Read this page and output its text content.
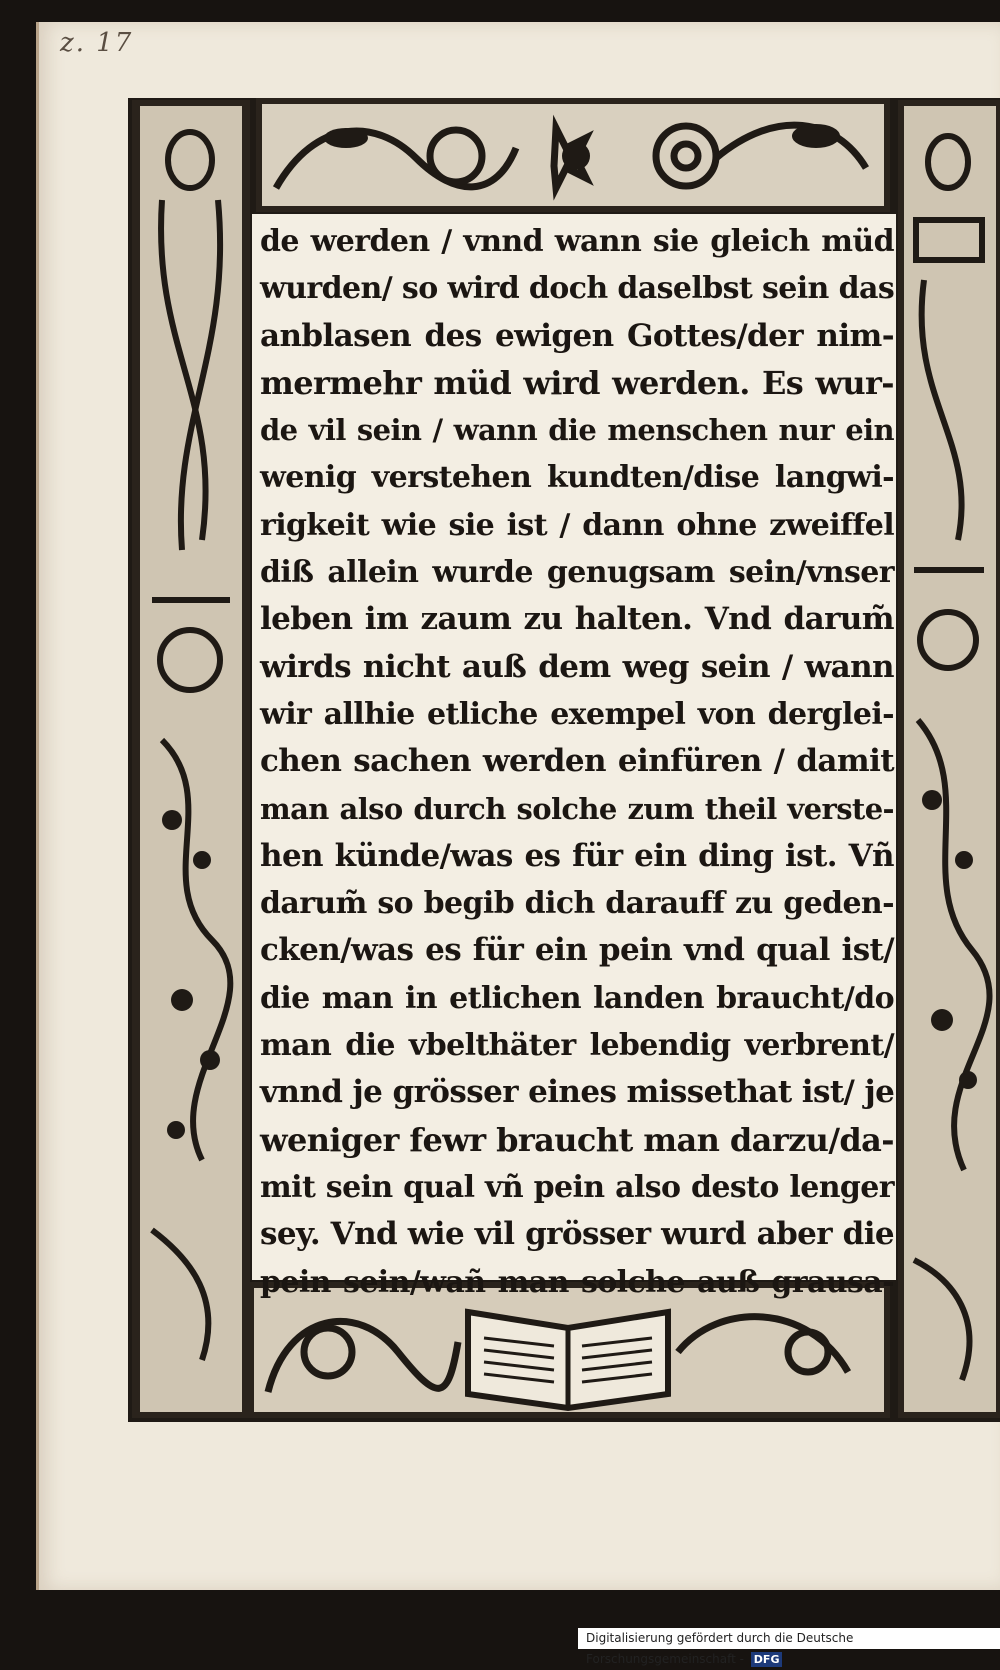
z. 17
de werden / vnnd wann sie gleich müd
wurden/ so wird doch daselbst sein das
anblasen des ewigen Gottes/der nim-
mermehr müd wird werden. Es wur-
de vil sein / wann die menschen nur ein
wenig verstehen kundten/dise langwi-
rigkeit wie sie ist / dann ohne zweiffel
diß allein wurde genugsam sein/vnser
leben im zaum zu halten. Vnd darum̃
wirds nicht auß dem weg sein / wann
wir allhie etliche exempel von derglei-
chen sachen werden einfüren / damit
man also durch solche zum theil verste-
hen künde/was es für ein ding ist. Vñ
darum̃ so begib dich darauff zu geden-
cken/was es für ein pein vnd qual ist/
die man in etlichen landen braucht/do
man die vbelthäter lebendig verbrent/
vnnd je grösser eines missethat ist/ je
weniger fewr braucht man darzu/da-
mit sein qual vñ pein also desto lenger
sey. Vnd wie vil grösser wurd aber die
pein sein/wañ man solche auß grausa-
Digitalisierung gefördert durch die Deutsche Forschungsgemeinschaft - DFG
